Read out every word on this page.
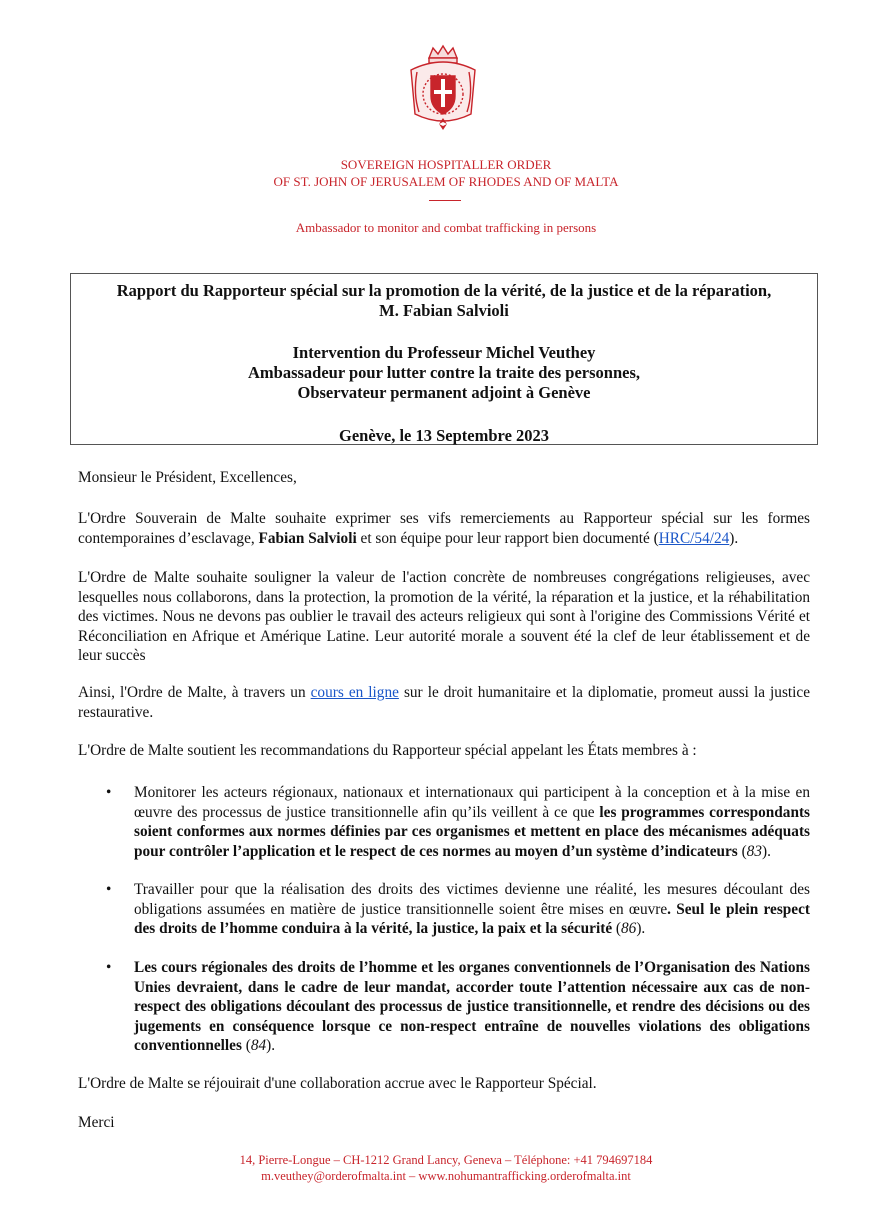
SOVEREIGN HOSPITALLER ORDER
OF ST. JOHN OF JERUSALEM OF RHODES AND OF MALTA
Ambassador to monitor and combat trafficking in persons
Rapport du Rapporteur spécial sur la promotion de la vérité, de la justice et de la réparation,
M. Fabian Salvioli
Intervention du Professeur Michel Veuthey
Ambassadeur pour lutter contre la traite des personnes,
Observateur permanent adjoint à Genève
Genève, le 13 Septembre 2023
Monsieur le Président, Excellences,
L'Ordre Souverain de Malte souhaite exprimer ses vifs remerciements au Rapporteur spécial sur les formes contemporaines d’esclavage, Fabian Salvioli et son équipe pour leur rapport bien documenté (HRC/54/24).
L'Ordre de Malte souhaite souligner la valeur de l'action concrète de nombreuses congrégations religieuses, avec lesquelles nous collaborons, dans la protection, la promotion de la vérité, la réparation et la justice, et la réhabilitation des victimes. Nous ne devons pas oublier le travail des acteurs religieux qui sont à l'origine des Commissions Vérité et Réconciliation en Afrique et Amérique Latine. Leur autorité morale a souvent été la clef de leur établissement et de leur succès
Ainsi, l'Ordre de Malte, à travers un cours en ligne sur le droit humanitaire et la diplomatie, promeut aussi la justice restaurative.
L'Ordre de Malte soutient les recommandations du Rapporteur spécial appelant les États membres à :
• Monitorer les acteurs régionaux, nationaux et internationaux qui participent à la conception et à la mise en œuvre des processus de justice transitionnelle afin qu’ils veillent à ce que les programmes correspondants soient conformes aux normes définies par ces organismes et mettent en place des mécanismes adéquats pour contrôler l’application et le respect de ces normes au moyen d’un système d’indicateurs (83).
• Travailler pour que la réalisation des droits des victimes devienne une réalité, les mesures découlant des obligations assumées en matière de justice transitionnelle soient être mises en œuvre. Seul le plein respect des droits de l’homme conduira à la vérité, la justice, la paix et la sécurité (86).
• Les cours régionales des droits de l’homme et les organes conventionnels de l’Organisation des Nations Unies devraient, dans le cadre de leur mandat, accorder toute l’attention nécessaire aux cas de non-respect des obligations découlant des processus de justice transitionnelle, et rendre des décisions ou des jugements en conséquence lorsque ce non-respect entraîne de nouvelles violations des obligations conventionnelles (84).
L'Ordre de Malte se réjouirait d'une collaboration accrue avec le Rapporteur Spécial.
Merci
14, Pierre-Longue – CH-1212 Grand Lancy, Geneva – Téléphone: +41 794697184
m.veuthey@orderofmalta.int – www.nohumantrafficking.orderofmalta.int
